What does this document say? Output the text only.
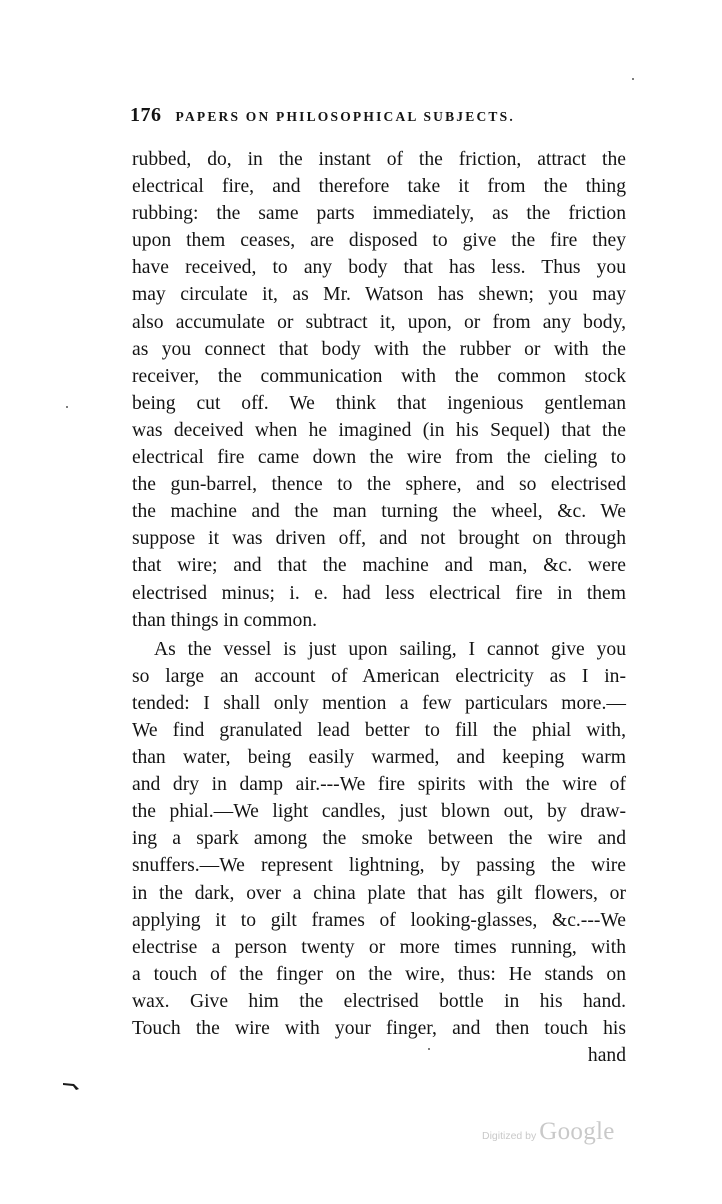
176 PAPERS ON PHILOSOPHICAL SUBJECTS.
rubbed, do, in the instant of the friction, attract the
electrical fire, and therefore take it from the thing
rubbing: the same parts immediately, as the friction
upon them ceases, are disposed to give the fire they
have received, to any body that has less. Thus you
may circulate it, as Mr. Watson has shewn; you may
also accumulate or subtract it, upon, or from any body,
as you connect that body with the rubber or with the
receiver, the communication with the common stock
being cut off. We think that ingenious gentleman
was deceived when he imagined (in his Sequel) that the
electrical fire came down the wire from the cieling to
the gun-barrel, thence to the sphere, and so electrised
the machine and the man turning the wheel, &c. We
suppose it was driven off, and not brought on through
that wire; and that the machine and man, &c. were
electrised minus; i. e. had less electrical fire in them
than things in common.
As the vessel is just upon sailing, I cannot give you
so large an account of American electricity as I in-
tended: I shall only mention a few particulars more.—
We find granulated lead better to fill the phial with,
than water, being easily warmed, and keeping warm
and dry in damp air.---We fire spirits with the wire of
the phial.—We light candles, just blown out, by draw-
ing a spark among the smoke between the wire and
snuffers.—We represent lightning, by passing the wire
in the dark, over a china plate that has gilt flowers, or
applying it to gilt frames of looking-glasses, &c.---We
electrise a person twenty or more times running, with
a touch of the finger on the wire, thus: He stands on
wax. Give him the electrised bottle in his hand.
Touch the wire with your finger, and then touch his
hand
Digitized by Google
